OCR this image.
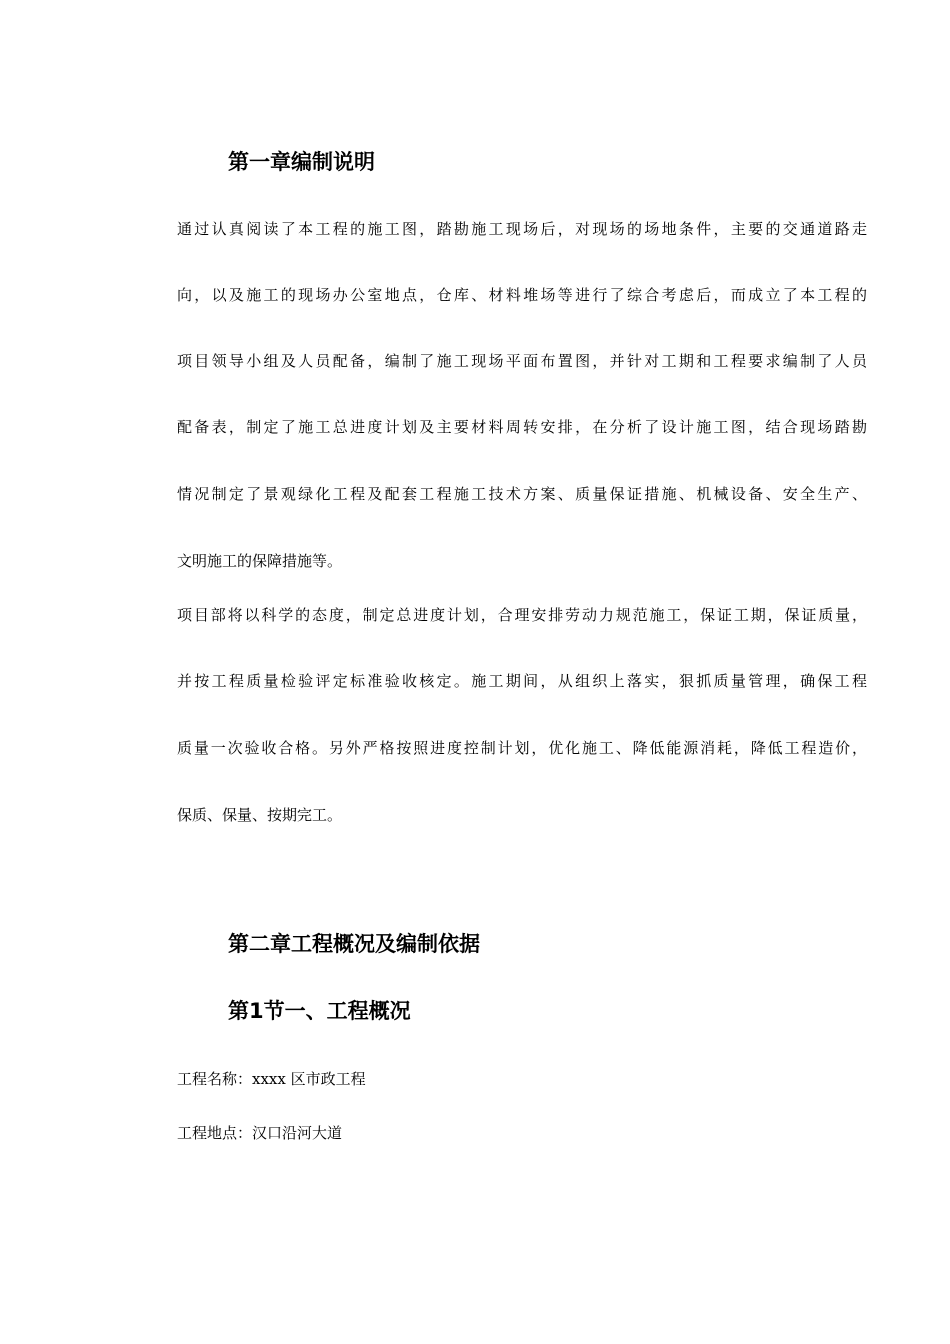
第一章编制说明

通过认真阅读了本工程的施工图，踏勘施工现场后，对现场的场地条件，主要的交通道路走

向，以及施工的现场办公室地点，仓库、材料堆场等进行了综合考虑后，而成立了本工程的

项目领导小组及人员配备，编制了施工现场平面布置图，并针对工期和工程要求编制了人员

配备表，制定了施工总进度计划及主要材料周转安排，在分析了设计施工图，结合现场踏勘

情况制定了景观绿化工程及配套工程施工技术方案、质量保证措施、机械设备、安全生产、

文明施工的保障措施等。

项目部将以科学的态度，制定总进度计划，合理安排劳动力规范施工，保证工期，保证质量，

并按工程质量检验评定标准验收核定。施工期间，从组织上落实，狠抓质量管理，确保工程

质量一次验收合格。另外严格按照进度控制计划，优化施工、降低能源消耗，降低工程造价，

保质、保量、按期完工。

第二章工程概况及编制依据
第1节一、工程概况

工程名称：xxxx 区市政工程

工程地点：汉口沿河大道
